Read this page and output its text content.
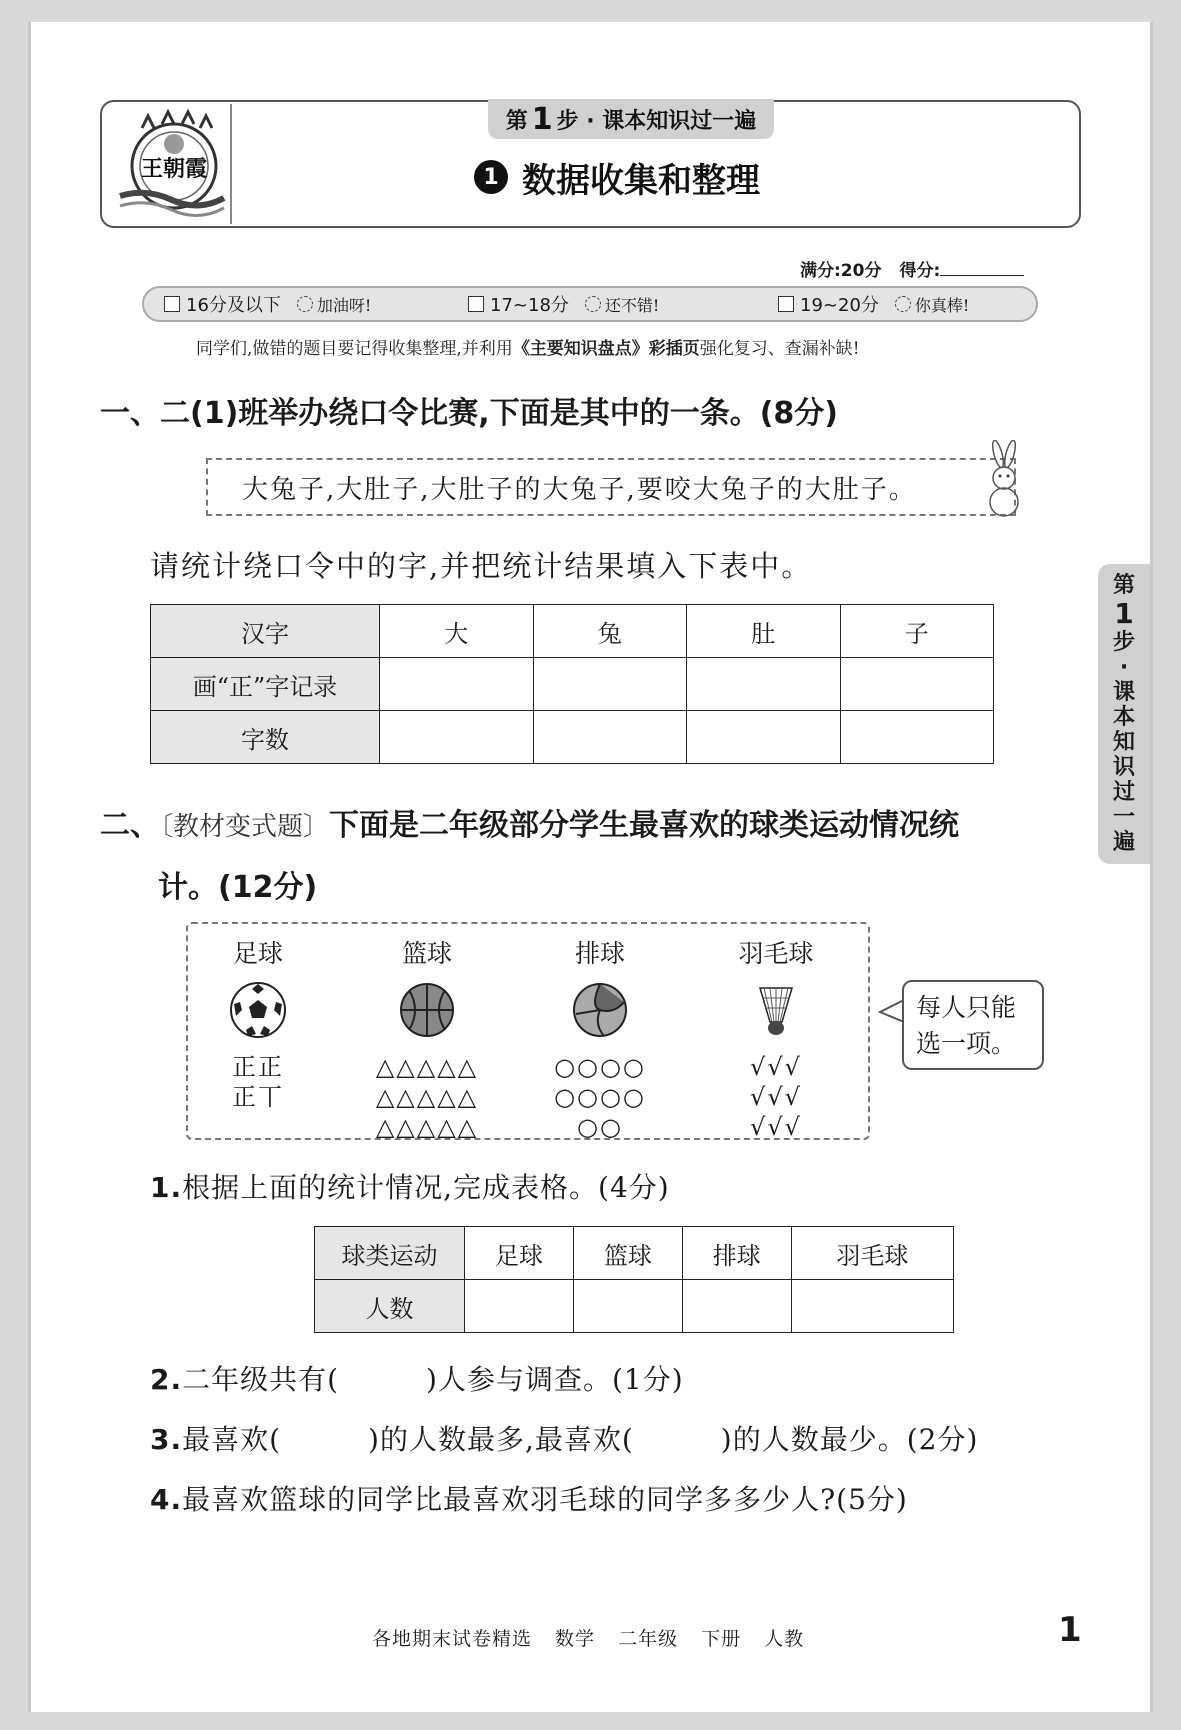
王朝霞
第 1 步 · 课本知识过一遍
1 数据收集和整理
满分:20分 得分:
16分及以下 加油呀!	17~18分 还不错!	19~20分 你真棒!
同学们,做错的题目要记得收集整理,并利用《主要知识盘点》彩插页强化复习、查漏补缺!
一、二(1)班举办绕口令比赛,下面是其中的一条。(8分)
大兔子,大肚子,大肚子的大兔子,要咬大兔子的大肚子。
请统计绕口令中的字,并把统计结果填入下表中。
汉字	大	兔	肚	子
画“正”字记录				
字数				
二、〔教材变式题〕下面是二年级部分学生最喜欢的球类运动情况统
计。(12分)
足球
正正
正丅
篮球
△△△△△
△△△△△
△△△△△
排球
○○○○
○○○○
○○
羽毛球
√√√
√√√
√√√
每人只能
选一项。
1.根据上面的统计情况,完成表格。(4分)
球类运动	足球	篮球	排球	羽毛球
人数				
2.二年级共有(　　　)人参与调查。(1分)
3.最喜欢(　　　)的人数最多,最喜欢(　　　)的人数最少。(2分)
4.最喜欢篮球的同学比最喜欢羽毛球的同学多多少人?(5分)
各地期末试卷精选 数学 二年级 下册 人教	1
第
1
步
·
课
本
知
识
过
一
遍
